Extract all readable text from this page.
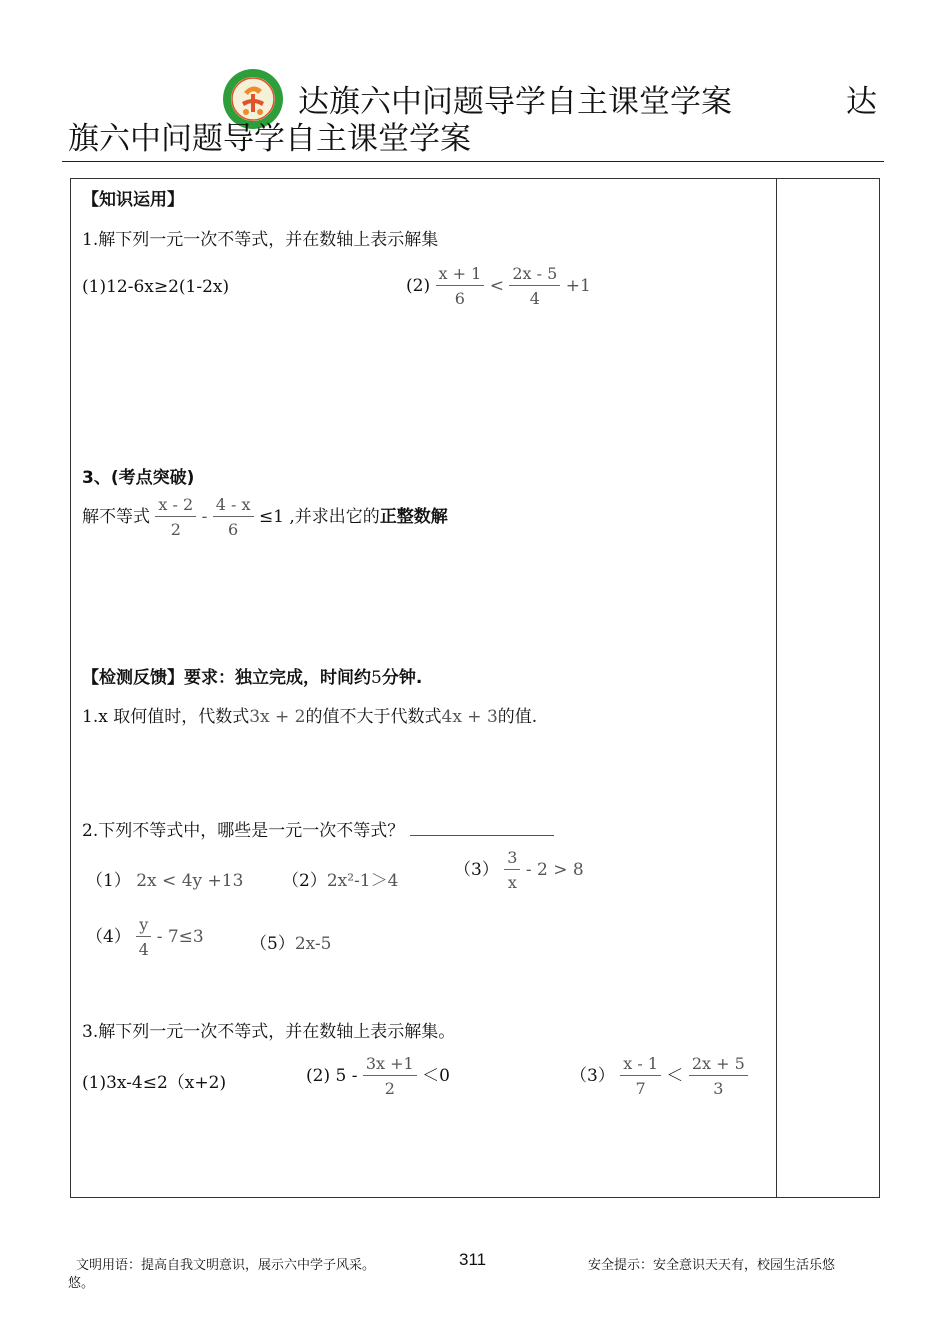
达旗六中问题导学自主课堂学案	达
旗六中问题导学自主课堂学案
【知识运用】
1.解下列一元一次不等式，并在数轴上表示解集
(1)12-6x≥2(1-2x)	$(2) \frac{x + 1}{6} < \frac{2x - 5}{4} +1$
3、(考点突破)
解不等式 $\frac{x - 2}{2} - \frac{4 - x}{6} \le 1$ ,并求出它的正整数解
【检测反馈】要求：独立完成，时间约5分钟.
1.x 取何值时，代数式3x + 2的值不大于代数式4x + 3的值.
2.下列不等式中，哪些是一元一次不等式？
（1） 2x < 4y +13 （2）2x²-1＞4
$(3) \frac{3}{x} - 2 > 8$
$(4) \frac{y}{4} - 7\le 3$	（5）2x-5
3.解下列一元一次不等式，并在数轴上表示解集。
(1)3x-4≤2（x+2)	(2) $5 - \frac{3x +1}{2} <0$	$(3) \frac{x - 1}{7} < \frac{2x + 5}{3}$
文明用语：提高自我文明意识，展示六中学子风采。	311	安全提示：安全意识天天有，校园生活乐悠
悠。
